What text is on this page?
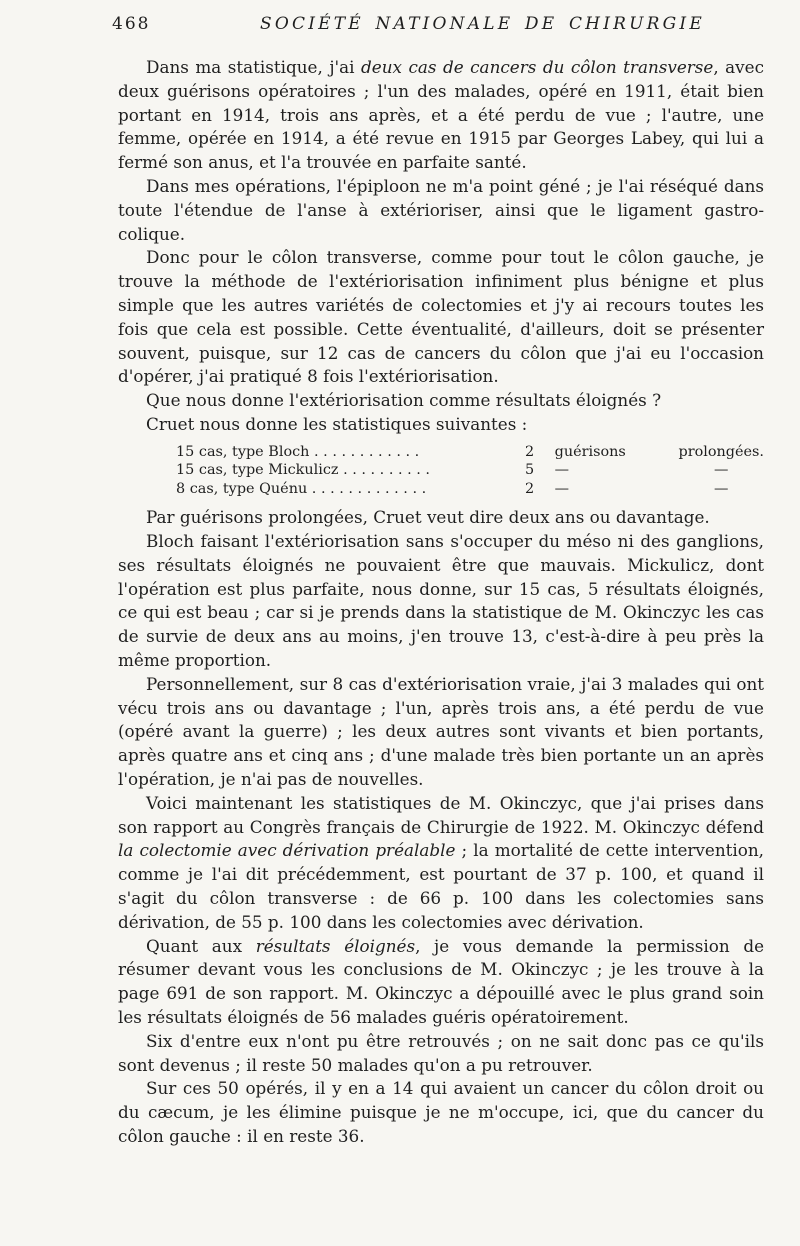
468	SOCIÉTÉ NATIONALE DE CHIRURGIE

Dans ma statistique, j'ai deux cas de cancers du côlon transverse, avec deux guérisons opératoires ; l'un des malades, opéré en 1911, était bien portant en 1914, trois ans après, et a été perdu de vue ; l'autre, une femme, opérée en 1914, a été revue en 1915 par Georges Labey, qui lui a fermé son anus, et l'a trouvée en parfaite santé.

Dans mes opérations, l'épiploon ne m'a point géné ; je l'ai réséqué dans toute l'étendue de l'anse à extérioriser, ainsi que le ligament gastro-colique.

Donc pour le côlon transverse, comme pour tout le côlon gauche, je trouve la méthode de l'extériorisation infiniment plus bénigne et plus simple que les autres variétés de colectomies et j'y ai recours toutes les fois que cela est possible. Cette éventualité, d'ailleurs, doit se présenter souvent, puisque, sur 12 cas de cancers du côlon que j'ai eu l'occasion d'opérer, j'ai pratiqué 8 fois l'extériorisation.

Que nous donne l'extériorisation comme résultats éloignés ?

Cruet nous donne les statistiques suivantes :

15 cas, type Bloch . . . . . . . . . . . .	2	guérisons	prolongées.
15 cas, type Mickulicz . . . . . . . . . .	5	—	—
8 cas, type Quénu . . . . . . . . . . . . .	2	—	—

Par guérisons prolongées, Cruet veut dire deux ans ou davantage.

Bloch faisant l'extériorisation sans s'occuper du méso ni des ganglions, ses résultats éloignés ne pouvaient être que mauvais. Mickulicz, dont l'opération est plus parfaite, nous donne, sur 15 cas, 5 résultats éloignés, ce qui est beau ; car si je prends dans la statistique de M. Okinczyc les cas de survie de deux ans au moins, j'en trouve 13, c'est-à-dire à peu près la même proportion.

Personnellement, sur 8 cas d'extériorisation vraie, j'ai 3 malades qui ont vécu trois ans ou davantage ; l'un, après trois ans, a été perdu de vue (opéré avant la guerre) ; les deux autres sont vivants et bien portants, après quatre ans et cinq ans ; d'une malade très bien portante un an après l'opération, je n'ai pas de nouvelles.

Voici maintenant les statistiques de M. Okinczyc, que j'ai prises dans son rapport au Congrès français de Chirurgie de 1922. M. Okinczyc défend la colectomie avec dérivation préalable ; la mortalité de cette intervention, comme je l'ai dit précédemment, est pourtant de 37 p. 100, et quand il s'agit du côlon transverse : de 66 p. 100 dans les colectomies sans dérivation, de 55 p. 100 dans les colectomies avec dérivation.

Quant aux résultats éloignés, je vous demande la permission de résumer devant vous les conclusions de M. Okinczyc ; je les trouve à la page 691 de son rapport. M. Okinczyc a dépouillé avec le plus grand soin les résultats éloignés de 56 malades guéris opératoirement.

Six d'entre eux n'ont pu être retrouvés ; on ne sait donc pas ce qu'ils sont devenus ; il reste 50 malades qu'on a pu retrouver.

Sur ces 50 opérés, il y en a 14 qui avaient un cancer du côlon droit ou du cæcum, je les élimine puisque je ne m'occupe, ici, que du cancer du côlon gauche : il en reste 36.
